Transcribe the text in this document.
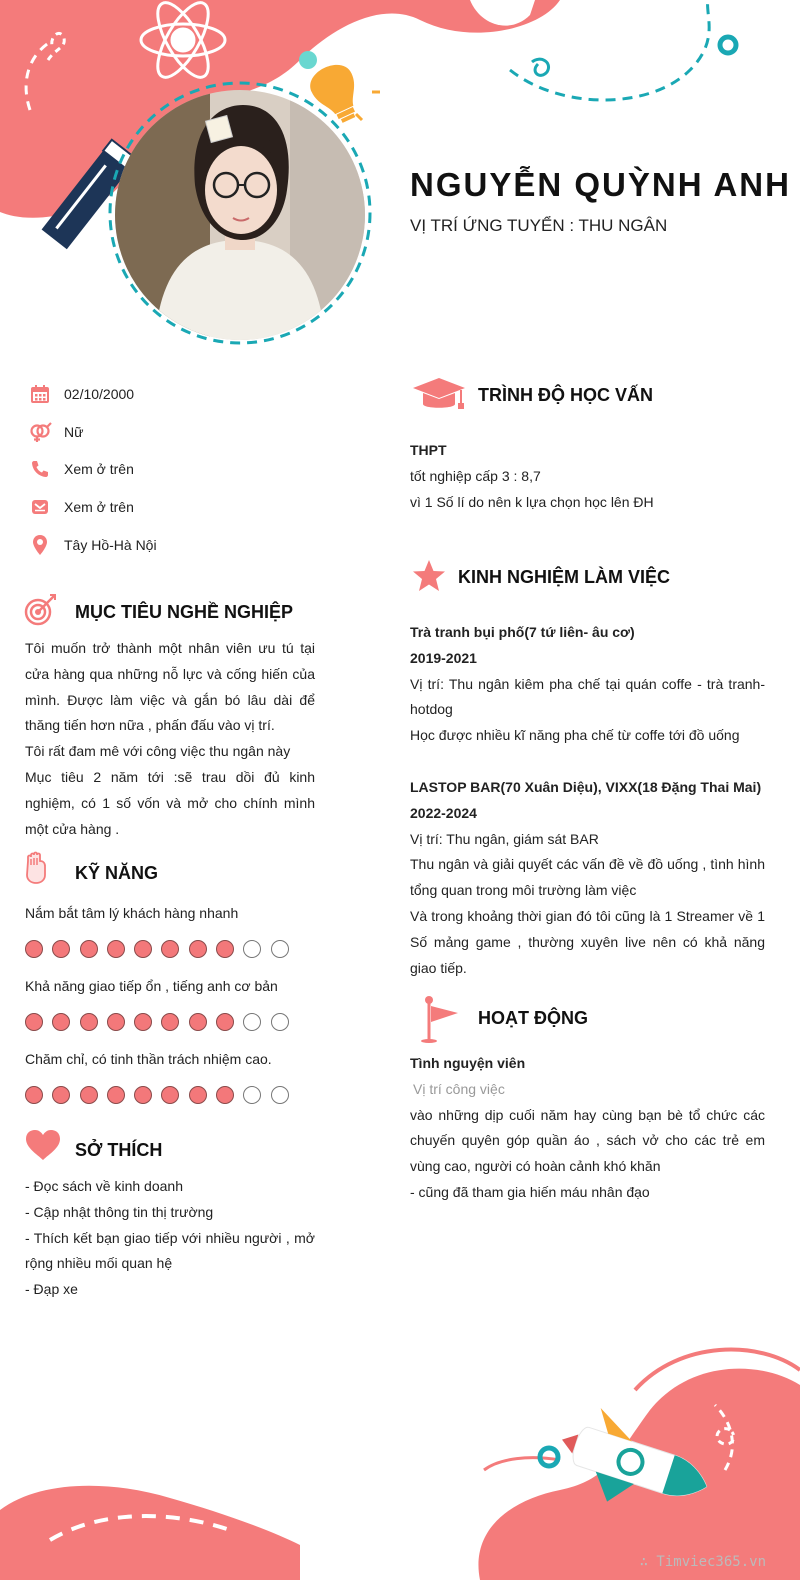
NGUYỄN QUỲNH ANH
VỊ TRÍ ỨNG TUYỂN : THU NGÂN
02/10/2000
Nữ
Xem ở trên
Xem ở trên
Tây Hồ-Hà Nội
MỤC TIÊU NGHỀ NGHIỆP
Tôi muốn trở thành một nhân viên ưu tú tại cửa hàng qua những nỗ lực và cống hiến của mình. Được làm việc và gắn bó lâu dài để thăng tiến hơn nữa , phấn đấu vào vị trí.
Tôi rất đam mê với công việc thu ngân này
Mục tiêu 2 năm tới :sẽ trau dồi đủ kinh nghiệm, có 1 số vốn và mở cho chính mình một cửa hàng .
KỸ NĂNG
Nắm bắt tâm lý khách hàng nhanh
Khả năng giao tiếp ổn , tiếng anh cơ bản
Chăm chỉ, có tinh thần trách nhiệm cao.
SỞ THÍCH
- Đọc sách về kinh doanh
- Cập nhật thông tin thị trường
- Thích kết bạn giao tiếp với nhiều người , mở rộng nhiều mối quan hệ
- Đạp xe
TRÌNH ĐỘ HỌC VẤN
THPT
tốt nghiệp cấp 3 : 8,7
vì 1 Số lí do nên k lựa chọn học lên ĐH
KINH NGHIỆM LÀM VIỆC
Trà tranh bụi phố(7 tứ liên- âu cơ)
2019-2021
Vị trí: Thu ngân kiêm pha chế tại quán coffe - trà tranh-hotdog
Học được nhiều kĩ năng pha chế từ coffe tới đồ uống
LASTOP BAR(70 Xuân Diệu), VIXX(18 Đặng Thai Mai)
2022-2024
Vị trí: Thu ngân, giám sát BAR
Thu ngân và giải quyết các vấn đề về đồ uống , tình hình tổng quan trong môi trường làm việc
Và trong khoảng thời gian đó tôi cũng là 1 Streamer về 1 Số mảng game , thường xuyên live nên có khả năng giao tiếp.
HOẠT ĐỘNG
Tình nguyện viên
Vị trí công việc
vào những dịp cuối năm hay cùng bạn bè tổ chức các chuyến quyên góp quần áo , sách vở cho các trẻ em vùng cao, người có hoàn cảnh khó khăn
- cũng đã tham gia hiến máu nhân đạo
∴ Timviec365.vn
